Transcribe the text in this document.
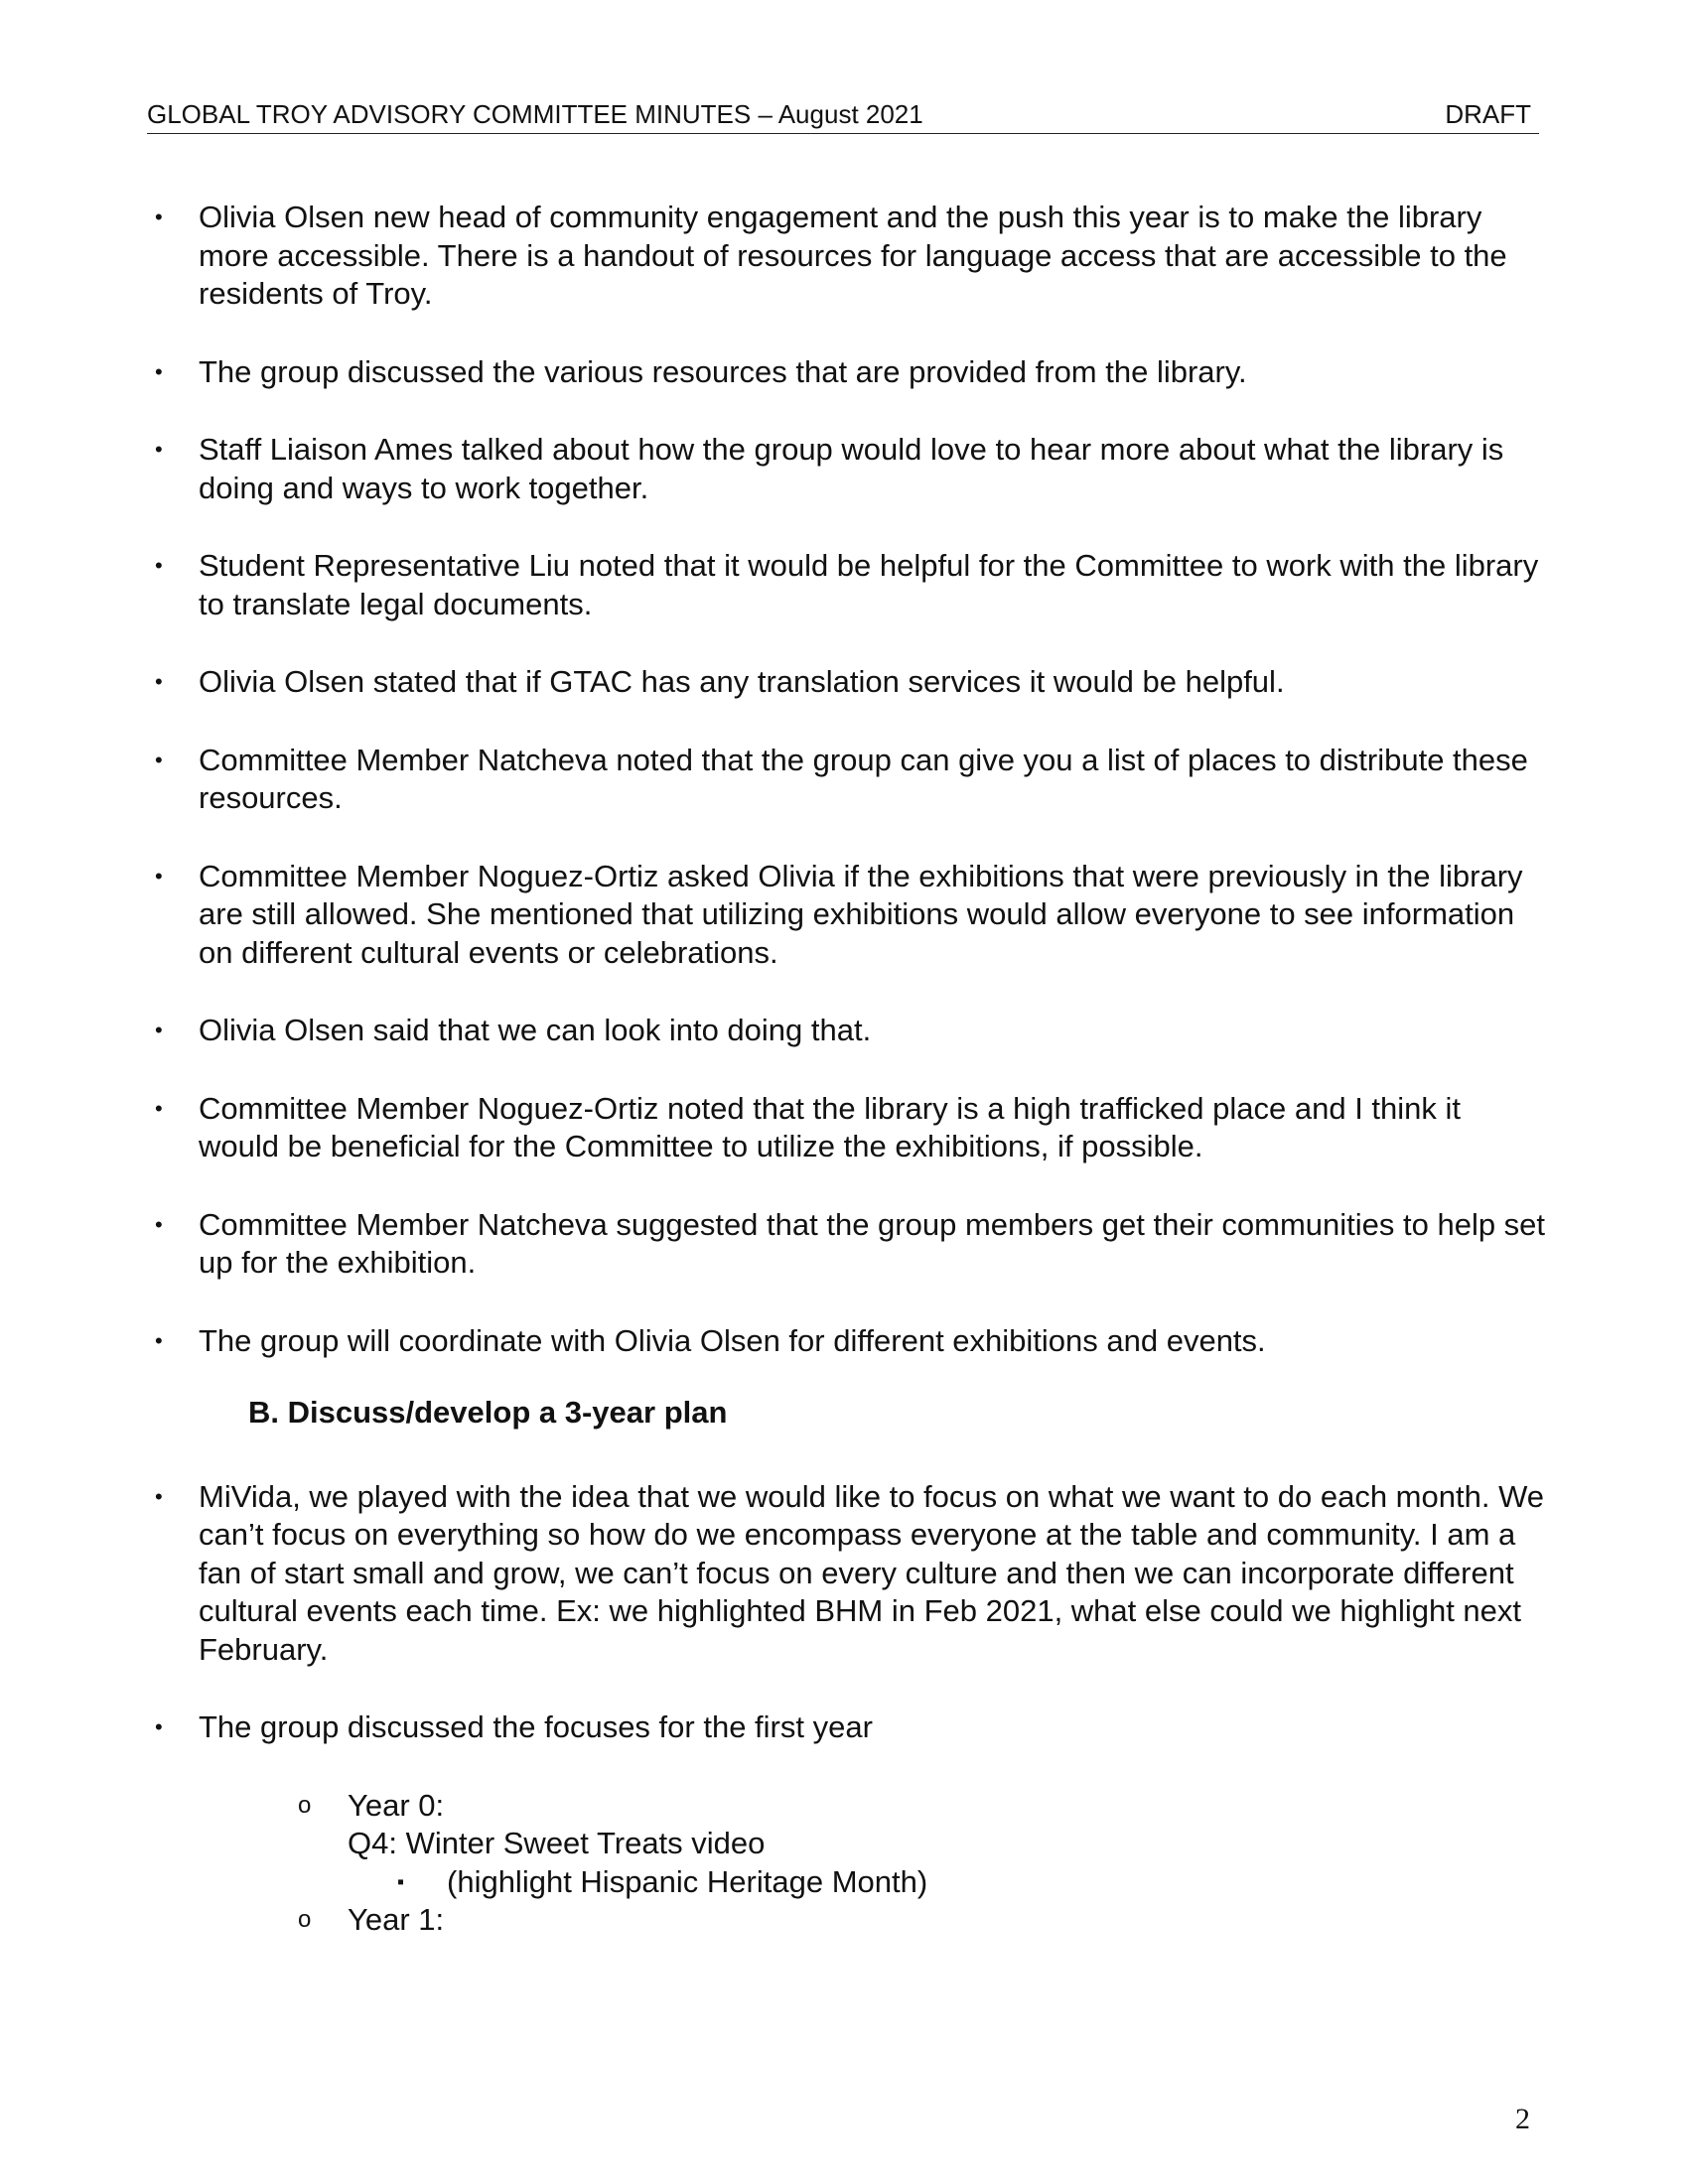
GLOBAL TROY ADVISORY COMMITTEE MINUTES – August 2021	DRAFT
• Olivia Olsen new head of community engagement and the push this year is to make the library more accessible. There is a handout of resources for language access that are accessible to the residents of Troy.
• The group discussed the various resources that are provided from the library.
• Staff Liaison Ames talked about how the group would love to hear more about what the library is doing and ways to work together.
• Student Representative Liu noted that it would be helpful for the Committee to work with the library to translate legal documents.
• Olivia Olsen stated that if GTAC has any translation services it would be helpful.
• Committee Member Natcheva noted that the group can give you a list of places to distribute these resources.
• Committee Member Noguez-Ortiz asked Olivia if the exhibitions that were previously in the library are still allowed. She mentioned that utilizing exhibitions would allow everyone to see information on different cultural events or celebrations.
• Olivia Olsen said that we can look into doing that.
• Committee Member Noguez-Ortiz noted that the library is a high trafficked place and I think it would be beneficial for the Committee to utilize the exhibitions, if possible.
• Committee Member Natcheva suggested that the group members get their communities to help set up for the exhibition.
• The group will coordinate with Olivia Olsen for different exhibitions and events.
B. Discuss/develop a 3-year plan
• MiVida, we played with the idea that we would like to focus on what we want to do each month. We can’t focus on everything so how do we encompass everyone at the table and community. I am a fan of start small and grow, we can’t focus on every culture and then we can incorporate different cultural events each time. Ex: we highlighted BHM in Feb 2021, what else could we highlight next February.
• The group discussed the focuses for the first year
o Year 0:
Q4: Winter Sweet Treats video
▪ (highlight Hispanic Heritage Month)
o Year 1:
2
